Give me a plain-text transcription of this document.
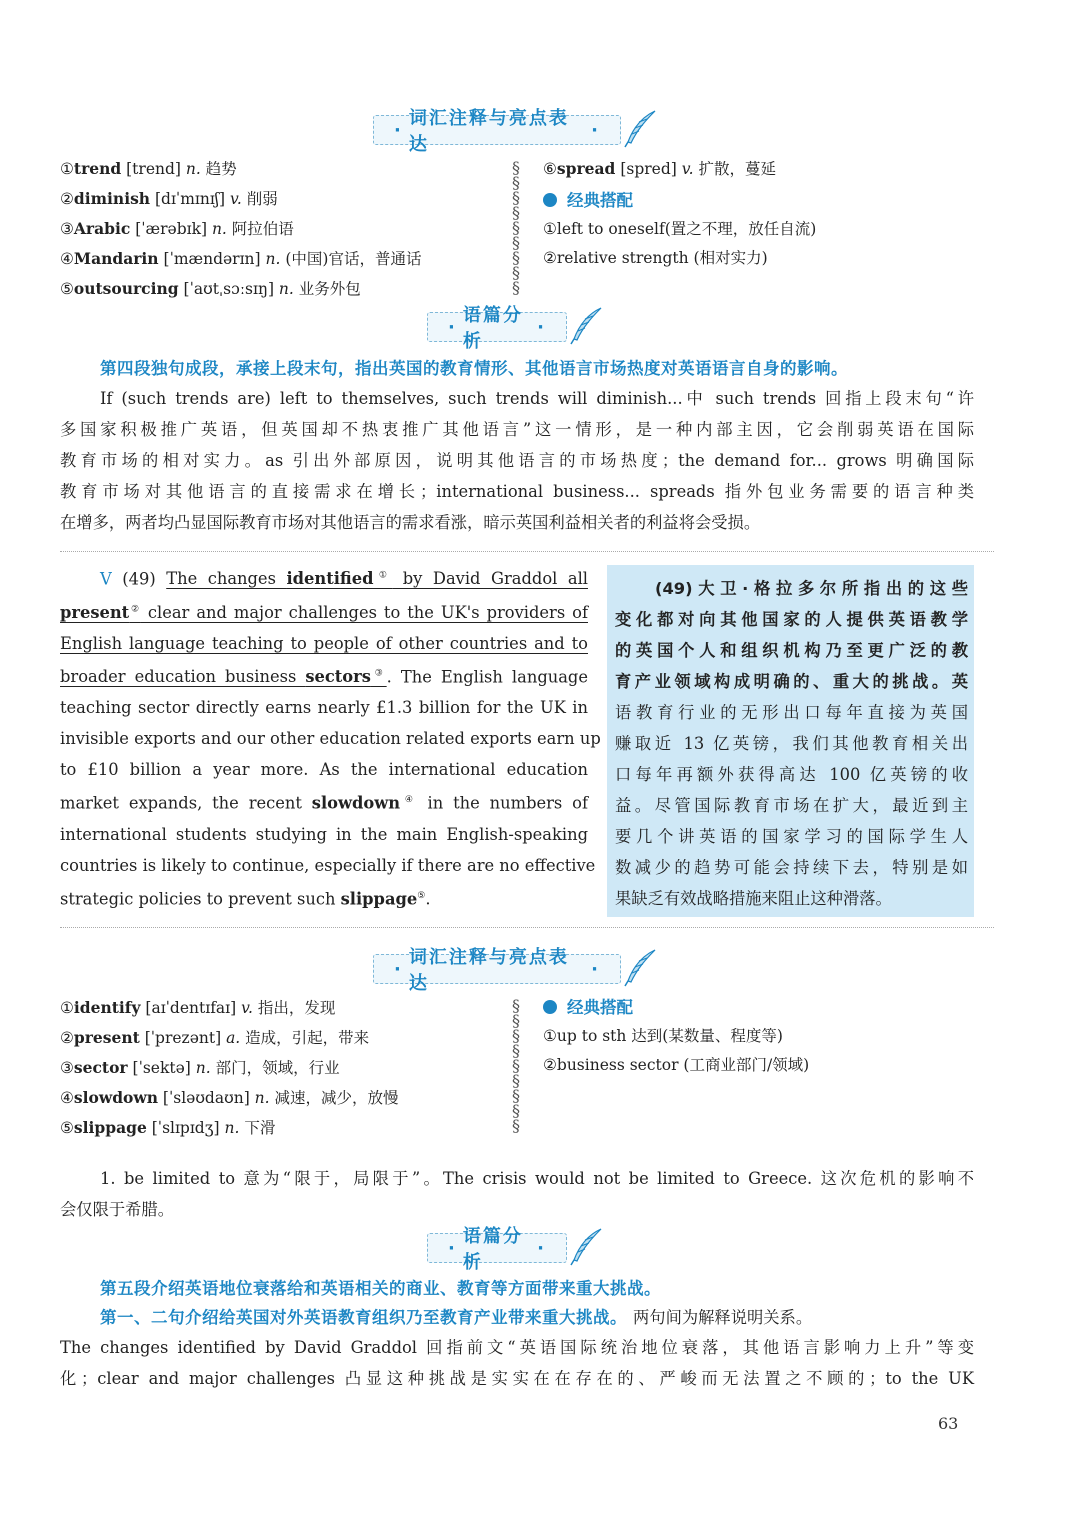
·
词汇注释与亮点表达
·
①trend [trend] n. 趋势
②diminish [dɪˈmɪnɪʃ] v. 削弱
③Arabic [ˈærəbɪk] n. 阿拉伯语
④Mandarin [ˈmændərɪn] n. (中国)官话，普通话
⑤outsourcing [ˈaʊtˌsɔːsɪŋ] n. 业务外包
§
§
§
§
§
§
§
§
§
⑥spread [spred] v. 扩散，蔓延
经典搭配
①left to oneself(置之不理，放任自流)
②relative strength (相对实力)
·
语篇分析
·
第四段独句成段，承接上段末句，指出英国的教育情形、其他语言市场热度对英语语言自身的影响。
If (such trends are) left to themselves, such trends will diminish...中 such trends 回指上段末句“许
多国家积极推广英语，但英国却不热衷推广其他语言”这一情形，是一种内部主因，它会削弱英语在国际
教育市场的相对实力。as 引出外部原因，说明其他语言的市场热度；the demand for... grows 明确国际
教育市场对其他语言的直接需求在增长；international business... spreads 指外包业务需要的语言种类
在增多，两者均凸显国际教育市场对其他语言的需求看涨，暗示英国利益相关者的利益将会受损。
V (49) The changes identified① by David Graddol all
present② clear and major challenges to the UK's providers of
English language teaching to people of other countries and to
broader education business sectors③. The English language
teaching sector directly earns nearly £1.3 billion for the UK in
invisible exports and our other education related exports earn up
to £10 billion a year more. As the international education
market expands, the recent slowdown④ in the numbers of
international students studying in the main English-speaking
countries is likely to continue, especially if there are no effective
strategic policies to prevent such slippage⑤.
(49)大卫·格拉多尔所指出的这些
变化都对向其他国家的人提供英语教学
的英国个人和组织机构乃至更广泛的教
育产业领域构成明确的、重大的挑战。英
语教育行业的无形出口每年直接为英国
赚取近 13 亿英镑，我们其他教育相关出
口每年再额外获得高达 100 亿英镑的收
益。尽管国际教育市场在扩大，最近到主
要几个讲英语的国家学习的国际学生人
数减少的趋势可能会持续下去，特别是如
果缺乏有效战略措施来阻止这种滑落。
·
词汇注释与亮点表达
·
①identify [aɪˈdentɪfaɪ] v. 指出，发现
②present [ˈprezənt] a. 造成，引起，带来
③sector [ˈsektə] n. 部门，领域，行业
④slowdown [ˈsləʊdaʊn] n. 减速，减少，放慢
⑤slippage [ˈslɪpɪdʒ] n. 下滑
§
§
§
§
§
§
§
§
§
经典搭配
①up to sth 达到(某数量、程度等)
②business sector (工商业部门/领域)
1. be limited to 意为“限于，局限于”。The crisis would not be limited to Greece. 这次危机的影响不
会仅限于希腊。
·
语篇分析
·
第五段介绍英语地位衰落给和英语相关的商业、教育等方面带来重大挑战。
第一、二句介绍给英国对外英语教育组织乃至教育产业带来重大挑战。 两句间为解释说明关系。
The changes identified by David Graddol 回指前文“英语国际统治地位衰落，其他语言影响力上升”等变
化；clear and major challenges 凸显这种挑战是实实在在存在的、严峻而无法置之不顾的；to the UK
63
